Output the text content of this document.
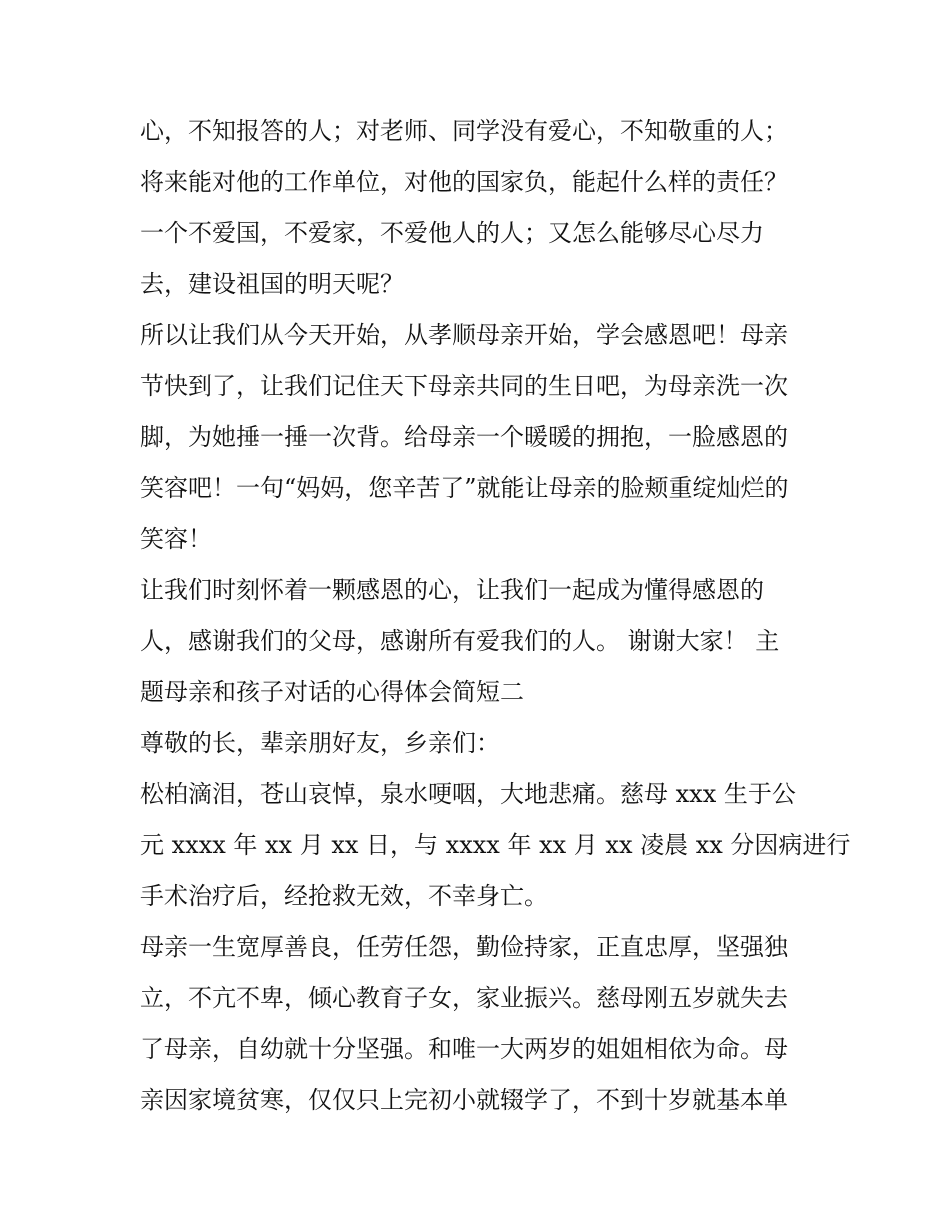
心，不知报答的人；对老师、同学没有爱心，不知敬重的人；
将来能对他的工作单位，对他的国家负，能起什么样的责任？
一个不爱国，不爱家，不爱他人的人；又怎么能够尽心尽力
去，建设祖国的明天呢？
所以让我们从今天开始，从孝顺母亲开始，学会感恩吧！母亲
节快到了，让我们记住天下母亲共同的生日吧，为母亲洗一次
脚，为她捶一捶一次背。给母亲一个暖暖的拥抱，一脸感恩的
笑容吧！一句“妈妈，您辛苦了”就能让母亲的脸颊重绽灿烂的
笑容！
让我们时刻怀着一颗感恩的心，让我们一起成为懂得感恩的
人，感谢我们的父母，感谢所有爱我们的人。 谢谢大家！ 主
题母亲和孩子对话的心得体会简短二
尊敬的长，辈亲朋好友，乡亲们：
松柏滴泪，苍山哀悼，泉水哽咽，大地悲痛。慈母 xxx 生于公
元 xxxx 年 xx 月 xx 日，与 xxxx 年 xx 月 xx 凌晨 xx 分因病进行
手术治疗后，经抢救无效，不幸身亡。
母亲一生宽厚善良，任劳任怨，勤俭持家，正直忠厚，坚强独
立，不亢不卑，倾心教育子女，家业振兴。慈母刚五岁就失去
了母亲，自幼就十分坚强。和唯一大两岁的姐姐相依为命。母
亲因家境贫寒，仅仅只上完初小就辍学了，不到十岁就基本单
